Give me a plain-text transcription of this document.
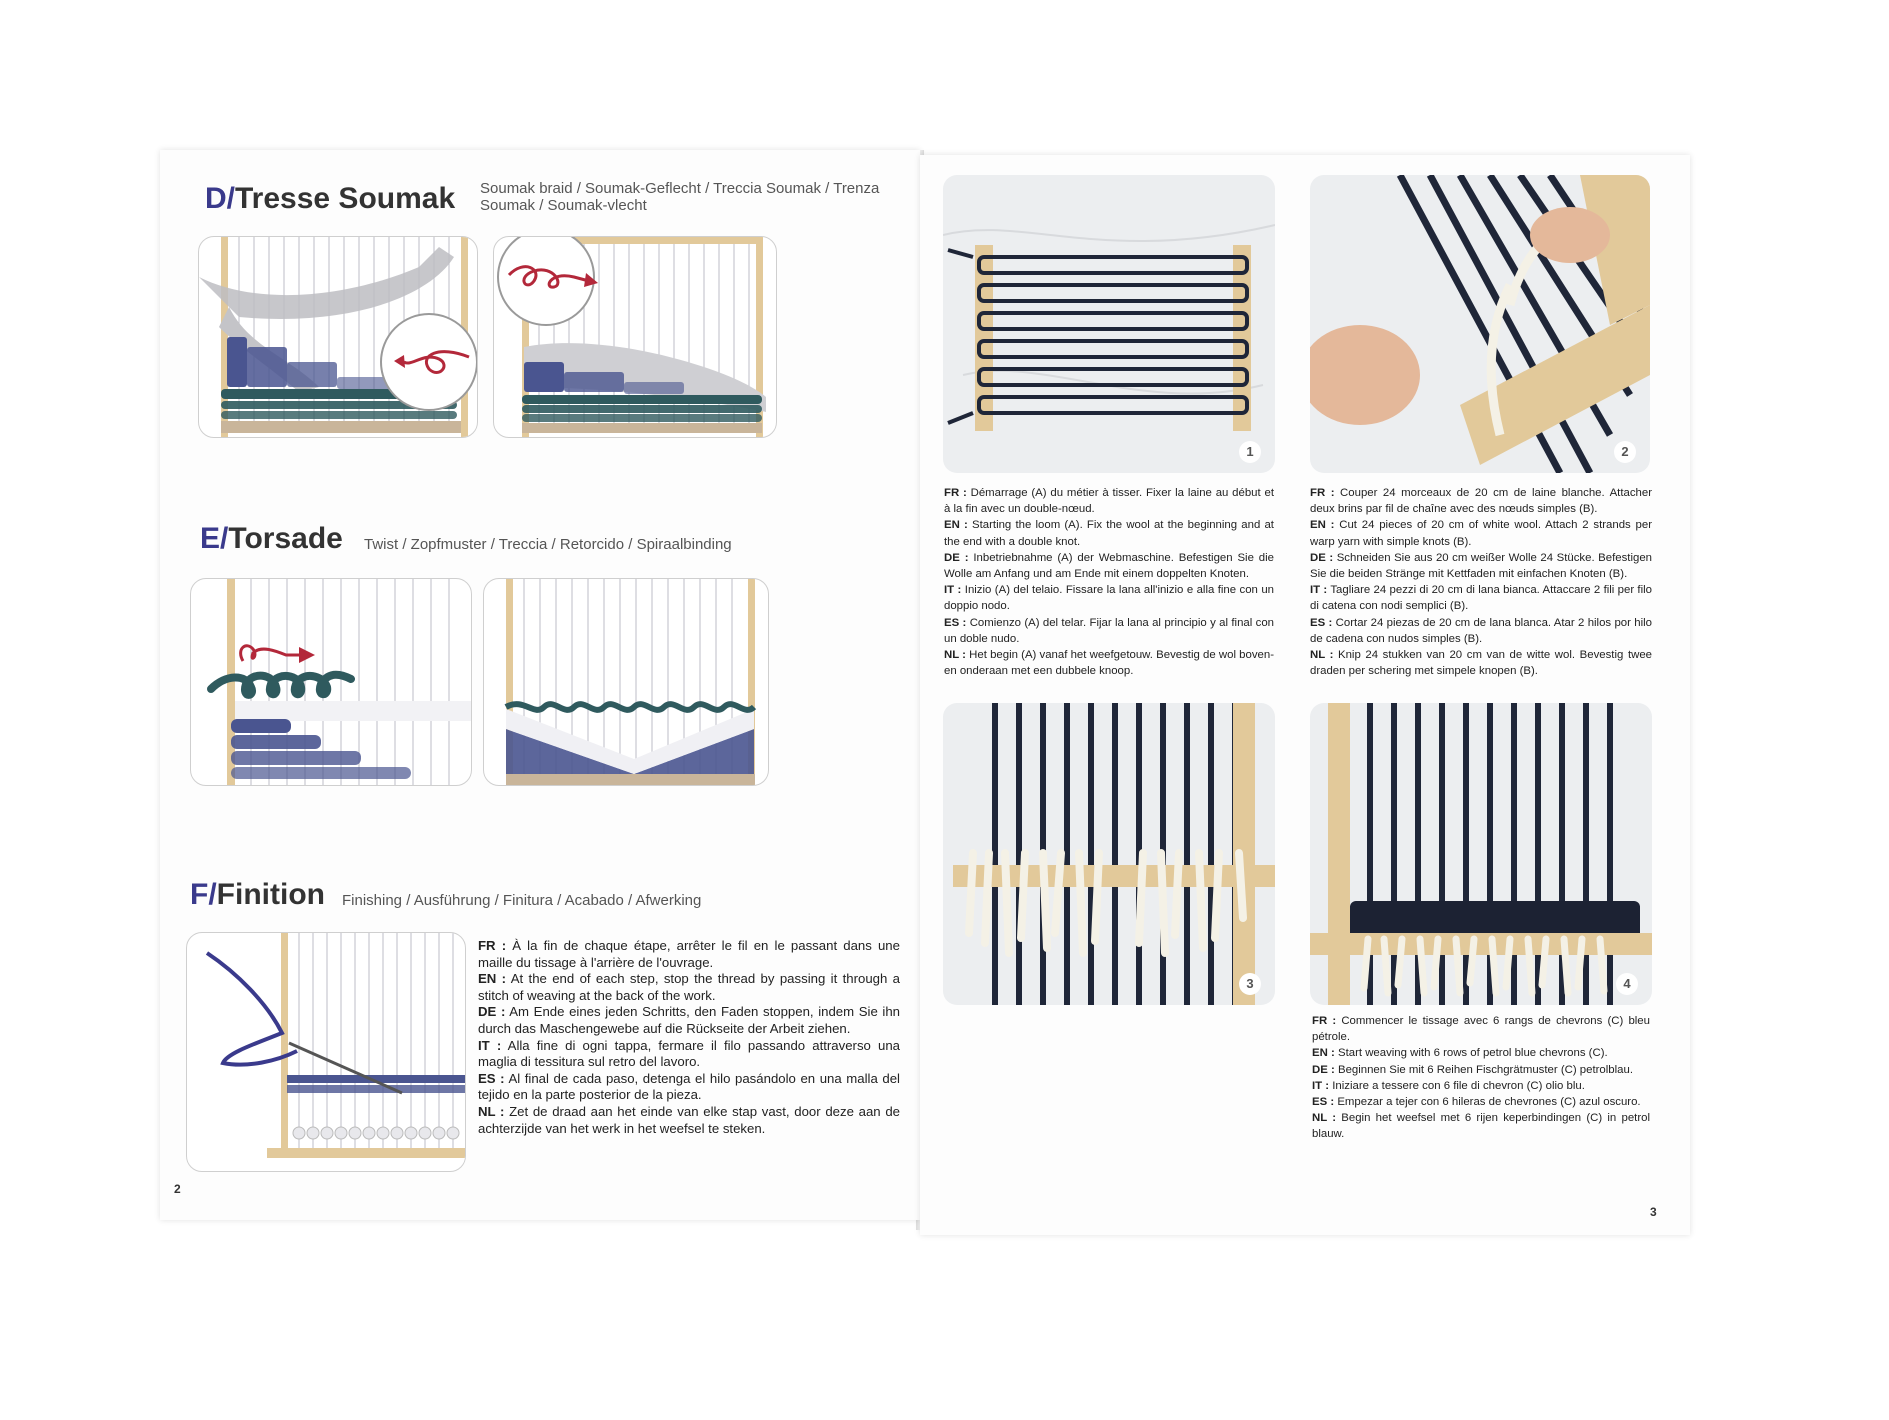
D/Tresse Soumak Soumak braid / Soumak-Geflecht / Treccia Soumak / Trenza
Soumak / Soumak-vlecht
E/Torsade Twist / Zopfmuster / Treccia / Retorcido / Spiraalbinding
F/Finition Finishing / Ausführung / Finitura / Acabado / Afwerking

FR : À la fin de chaque étape, arrêter le fil en le passant dans une maille du tissage à l'arrière de l'ouvrage.

EN : At the end of each step, stop the thread by passing it through a stitch of weaving at the back of the work.

DE : Am Ende eines jeden Schritts, den Faden stoppen, indem Sie ihn durch das Maschengewebe auf die Rückseite der Arbeit ziehen.

IT : Alla fine di ogni tappa, fermare il filo passando attraverso una maglia di tessitura sul retro del lavoro.

ES : Al final de cada paso, detenga el hilo pasándolo en una malla del tejido en la parte posterior de la pieza.

NL : Zet de draad aan het einde van elke stap vast, door deze aan de achterzijde van het werk in het weefsel te steken.

2
1	2

FR : Démarrage (A) du métier à tisser. Fixer la laine au début et à la fin avec un double-nœud.

EN : Starting the loom (A). Fix the wool at the beginning and at the end with a double knot.

DE : Inbetriebnahme (A) der Webmaschine. Befestigen Sie die Wolle am Anfang und am Ende mit einem doppelten Knoten.

IT : Inizio (A) del telaio. Fissare la lana all'inizio e alla fine con un doppio nodo.

ES : Comienzo (A) del telar. Fijar la lana al principio y al final con un doble nudo.

NL : Het begin (A) vanaf het weefgetouw. Bevestig de wol boven- en onderaan met een dubbele knoop.

FR : Couper 24 morceaux de 20 cm de laine blanche. Attacher deux brins par fil de chaîne avec des nœuds simples (B).

EN : Cut 24 pieces of 20 cm of white wool. Attach 2 strands per warp yarn with simple knots (B).

DE : Schneiden Sie aus 20 cm weißer Wolle 24 Stücke. Befestigen Sie die beiden Stränge mit Kettfaden mit einfachen Knoten (B).

IT : Tagliare 24 pezzi di 20 cm di lana bianca. Attaccare 2 fili per filo di catena con nodi semplici (B).

ES : Cortar 24 piezas de 20 cm de lana blanca. Atar 2 hilos por hilo de cadena con nudos simples (B).

NL : Knip 24 stukken van 20 cm van de witte wol. Bevestig twee draden per schering met simpele knopen (B).

3	4

FR : Commencer le tissage avec 6 rangs de chevrons (C) bleu pétrole.

EN : Start weaving with 6 rows of petrol blue chevrons (C).

DE : Beginnen Sie mit 6 Reihen Fischgrätmuster (C) petrolblau.

IT : Iniziare a tessere con 6 file di chevron (C) olio blu.

ES : Empezar a tejer con 6 hileras de chevrones (C) azul oscuro.

NL : Begin het weefsel met 6 rijen keperbindingen (C) in petrol blauw.

3
